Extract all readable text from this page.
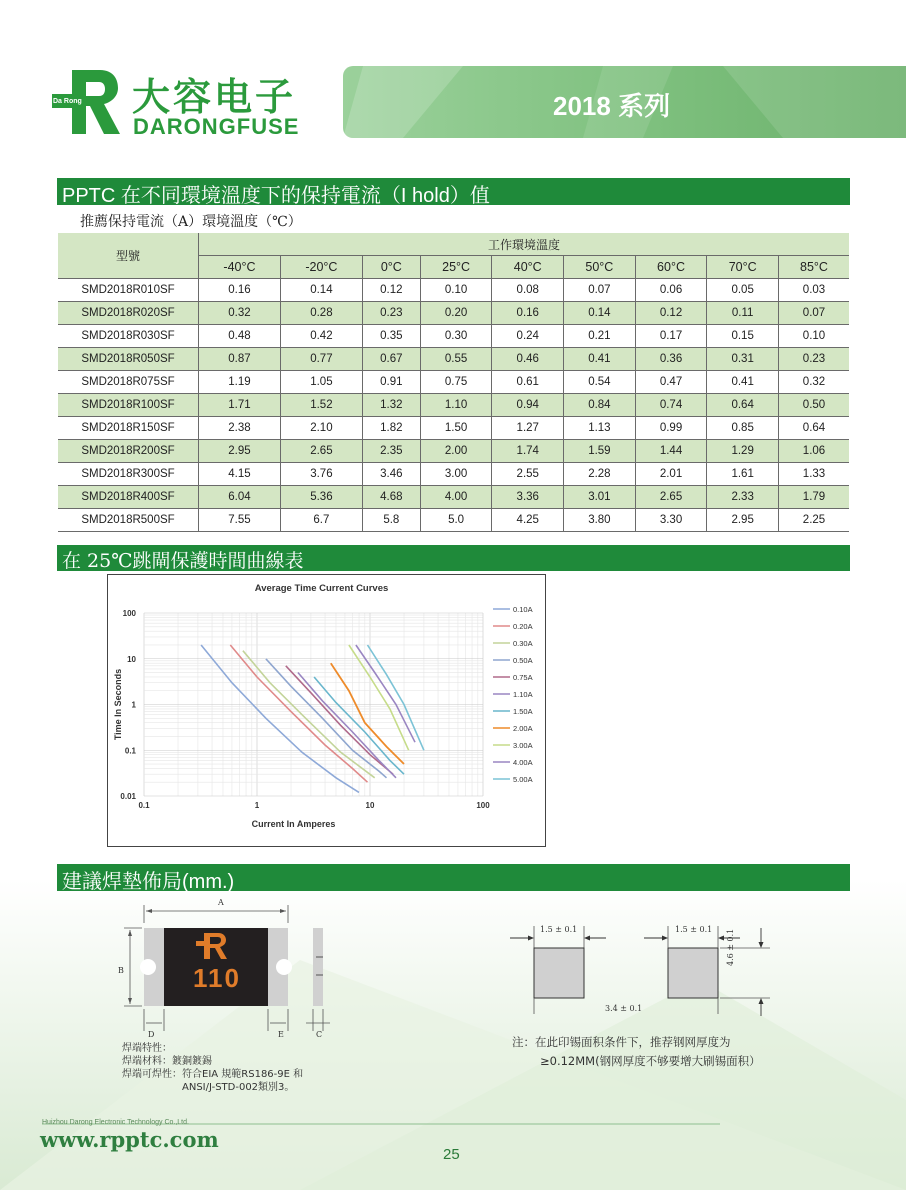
Da Rong 大容电子
DARONGFUSE
2018 系列
PPTC 在不同環境溫度下的保持電流（I hold）值
推薦保持電流（A）環境溫度（℃）
型號	工作環境溫度								
	-40°C	-20°C	0°C	25°C	40°C	50°C	60°C	70°C	85°C
SMD2018R010SF	0.16	0.14	0.12	0.10	0.08	0.07	0.06	0.05	0.03
SMD2018R020SF	0.32	0.28	0.23	0.20	0.16	0.14	0.12	0.11	0.07
SMD2018R030SF	0.48	0.42	0.35	0.30	0.24	0.21	0.17	0.15	0.10
SMD2018R050SF	0.87	0.77	0.67	0.55	0.46	0.41	0.36	0.31	0.23
SMD2018R075SF	1.19	1.05	0.91	0.75	0.61	0.54	0.47	0.41	0.32
SMD2018R100SF	1.71	1.52	1.32	1.10	0.94	0.84	0.74	0.64	0.50
SMD2018R150SF	2.38	2.10	1.82	1.50	1.27	1.13	0.99	0.85	0.64
SMD2018R200SF	2.95	2.65	2.35	2.00	1.74	1.59	1.44	1.29	1.06
SMD2018R300SF	4.15	3.76	3.46	3.00	2.55	2.28	2.01	1.61	1.33
SMD2018R400SF	6.04	5.36	4.68	4.00	3.36	3.01	2.65	2.33	1.79
SMD2018R500SF	7.55	6.7	5.8	5.0	4.25	3.80	3.30	2.95	2.25
在 25℃跳閘保護時間曲線表
Average Time Current Curves
0.1	1	10	100
100
10
1
0.1
0.01
Current In Amperes
Time In Seconds
0.10A
0.20A
0.30A
0.50A
0.75A
1.10A
1.50A
2.00A
3.00A
4.00A
5.00A
建議焊墊佈局(mm.)
A
B
D	E	C
110
焊端特性：
焊端材料：鍍銅鍍錫
焊端可焊性：符合EIA 規範RS186-9E 和
ANSI/J-STD-002類別3。
1.5 ± 0.1	1.5 ± 0.1
3.4 ± 0.1
4.6 ± 0.1
注：在此印锡面积条件下，推荐钢网厚度为
≥0.12MM(钢网厚度不够要增大刷锡面积）
Huizhou Darong Electronic Technology Co.,Ltd.
www.rpptc.com
25
